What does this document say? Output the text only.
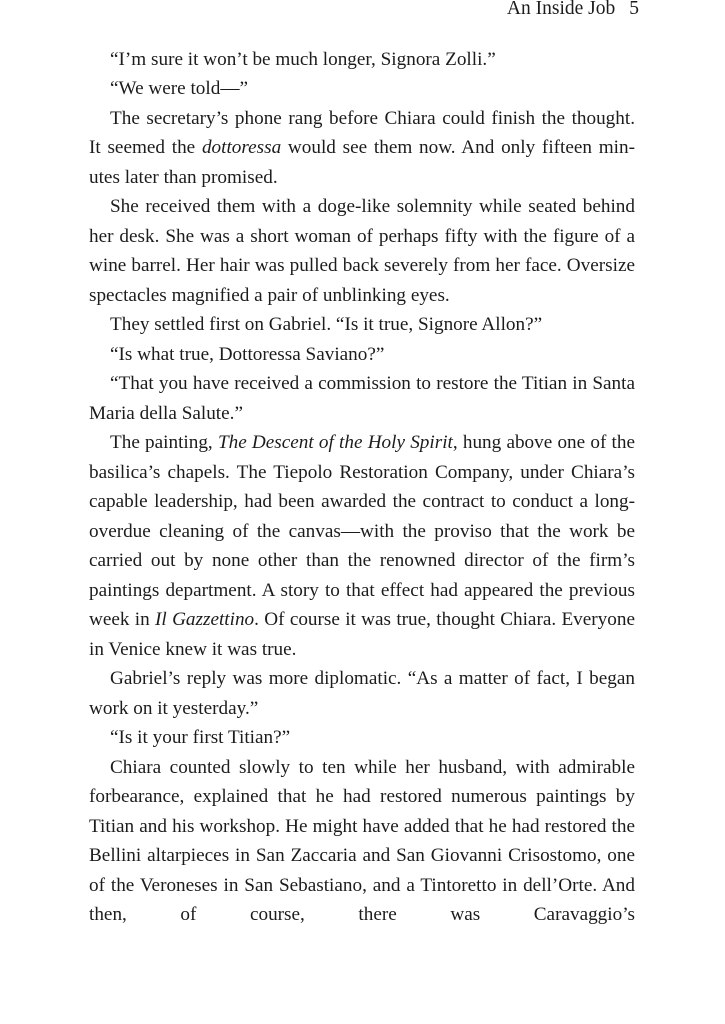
An Inside Job 5

“I’m sure it won’t be much longer, Signora Zolli.”

“We were told—”

The secretary’s phone rang before Chiara could finish the thought. It seemed the dottoressa would see them now. And only fifteen minutes later than promised.

She received them with a doge-like solemnity while seated behind her desk. She was a short woman of perhaps fifty with the figure of a wine barrel. Her hair was pulled back severely from her face. Oversize spectacles magnified a pair of unblinking eyes.

They settled first on Gabriel. “Is it true, Signore Allon?”

“Is what true, Dottoressa Saviano?”

“That you have received a commission to restore the Titian in Santa Maria della Salute.”

The painting, The Descent of the Holy Spirit, hung above one of the basilica’s chapels. The Tiepolo Restoration Company, under Chiara’s capable leadership, had been awarded the contract to conduct a long-overdue cleaning of the canvas—with the proviso that the work be carried out by none other than the renowned director of the firm’s paintings department. A story to that effect had appeared the previous week in Il Gazzettino. Of course it was true, thought Chiara. Everyone in Venice knew it was true.

Gabriel’s reply was more diplomatic. “As a matter of fact, I began work on it yesterday.”

“Is it your first Titian?”

Chiara counted slowly to ten while her husband, with admirable forbearance, explained that he had restored numerous paintings by Titian and his workshop. He might have added that he had restored the Bellini altarpieces in San Zaccaria and San Giovanni Crisostomo, one of the Veroneses in San Sebastiano, and a Tintoretto in dell’Orte. And then, of course, there was Caravaggio’s
